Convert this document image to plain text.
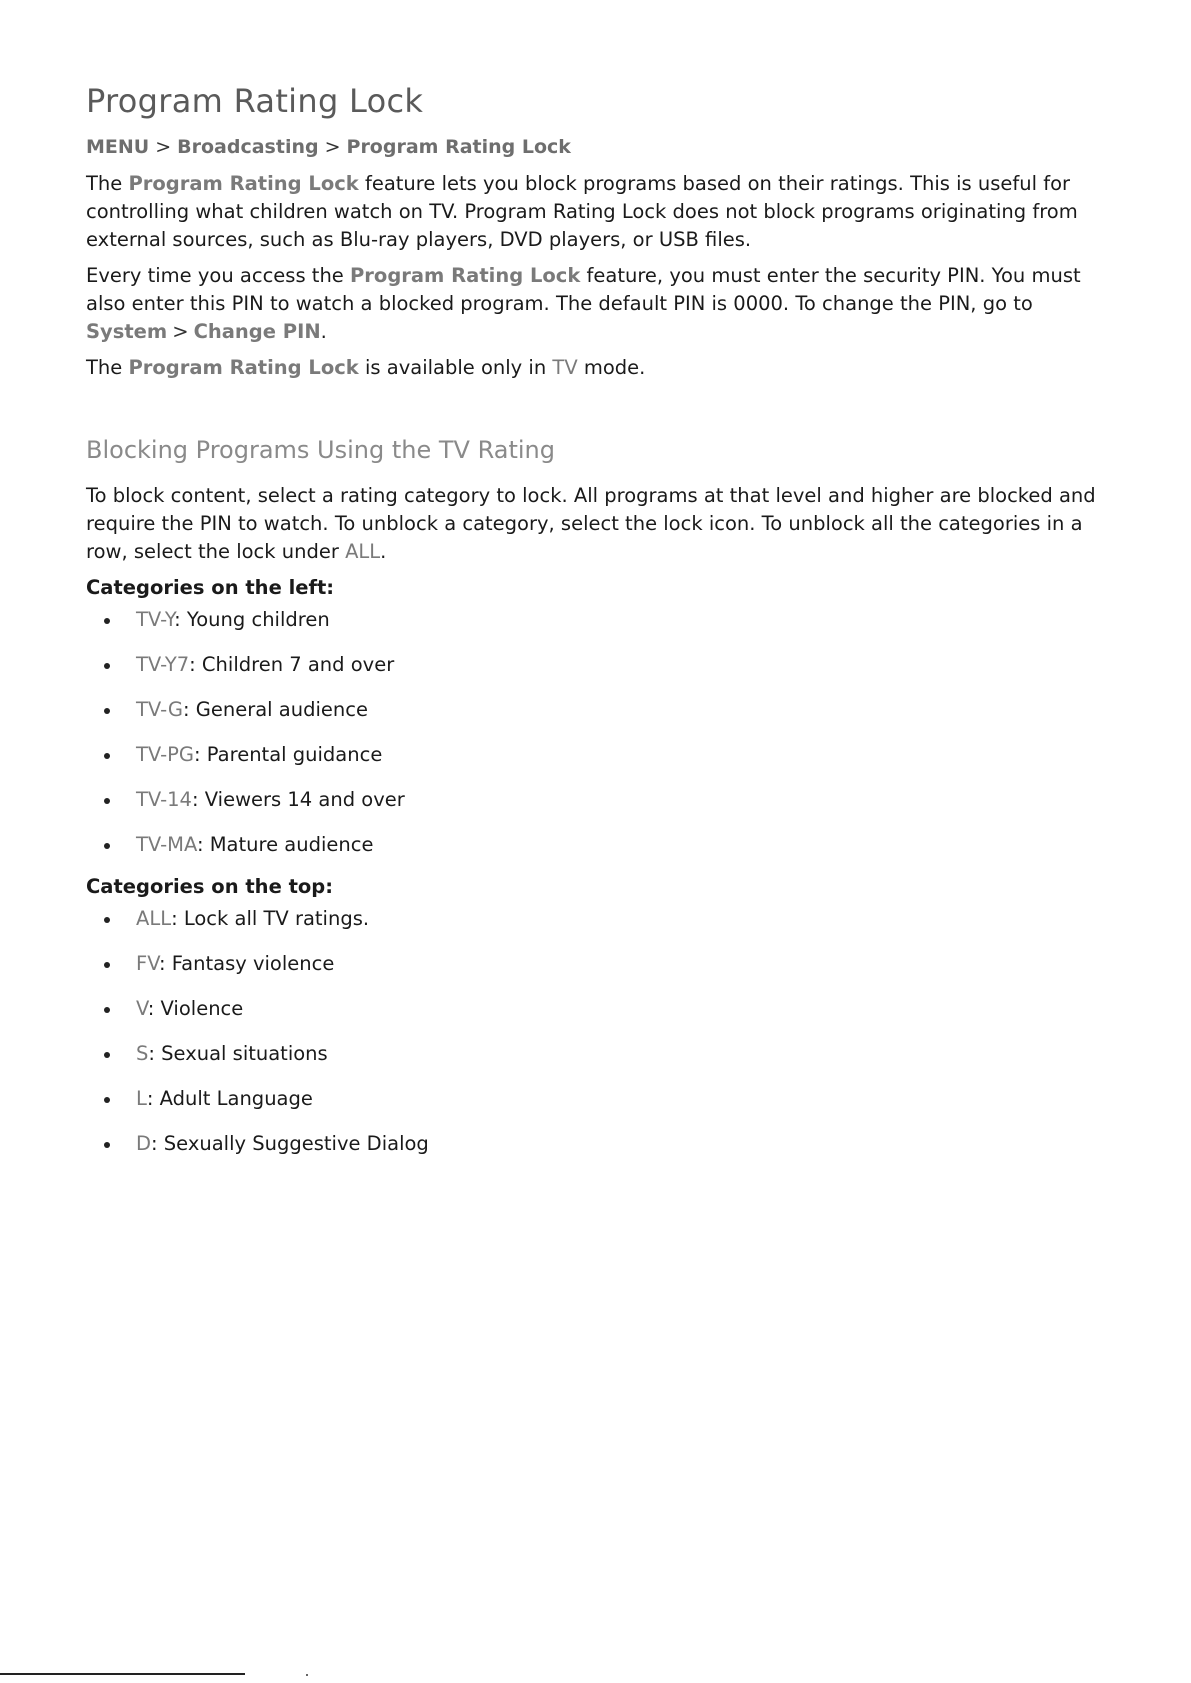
Program Rating Lock
MENU > Broadcasting > Program Rating Lock

The Program Rating Lock feature lets you block programs based on their ratings. This is useful for controlling what children watch on TV. Program Rating Lock does not block programs originating from external sources, such as Blu-ray players, DVD players, or USB files.

Every time you access the Program Rating Lock feature, you must enter the security PIN. You must also enter this PIN to watch a blocked program. The default PIN is 0000. To change the PIN, go to System > Change PIN.

The Program Rating Lock is available only in TV mode.

Blocking Programs Using the TV Rating

To block content, select a rating category to lock. All programs at that level and higher are blocked and require the PIN to watch. To unblock a category, select the lock icon. To unblock all the categories in a row, select the lock under ALL.

Categories on the left:
TV-Y: Young children
TV-Y7: Children 7 and over
TV-G: General audience
TV-PG: Parental guidance
TV-14: Viewers 14 and over
TV-MA: Mature audience
Categories on the top:
ALL: Lock all TV ratings.
FV: Fantasy violence
V: Violence
S: Sexual situations
L: Adult Language
D: Sexually Suggestive Dialog
